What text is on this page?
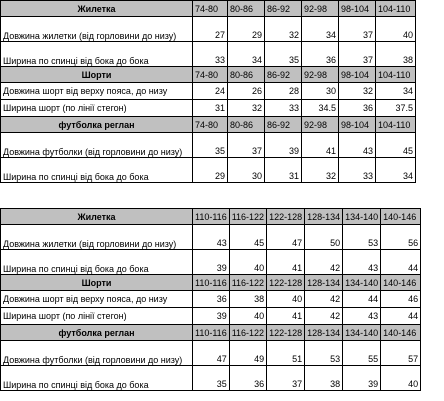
Жилетка	74-80	80-86	86-92	92-98	98-104	104-110
Довжина жилетки (від горловини до низу)	27	29	32	34	37	40
Ширина по спинці від бока до бока	33	34	35	36	37	38
Шорти	74-80	80-86	86-92	92-98	98-104	104-110
Довжина шорт від верху пояса, до низу	24	26	28	30	32	34
Ширина шорт (по лінії стегон)	31	32	33	34.5	36	37.5
футболка реглан	74-80	80-86	86-92	92-98	98-104	104-110
Довжина футболки (від горловини до низу)	35	37	39	41	43	45
Ширина по спинці від бока до бока	29	30	31	32	33	34
Жилетка	110-116	116-122	122-128	128-134	134-140	140-146
Довжина жилетки (від горловини до низу)	43	45	47	50	53	56
Ширина по спинці від бока до бока	39	40	41	42	43	44
Шорти	110-116	116-122	122-128	128-134	134-140	140-146
Довжина шорт від верху пояса, до низу	36	38	40	42	44	46
Ширина шорт (по лінії стегон)	39	40	41	42	43	44
футболка реглан	110-116	116-122	122-128	128-134	134-140	140-146
Довжина футболки (від горловини до низу)	47	49	51	53	55	57
Ширина по спинці від бока до бока	35	36	37	38	39	40
